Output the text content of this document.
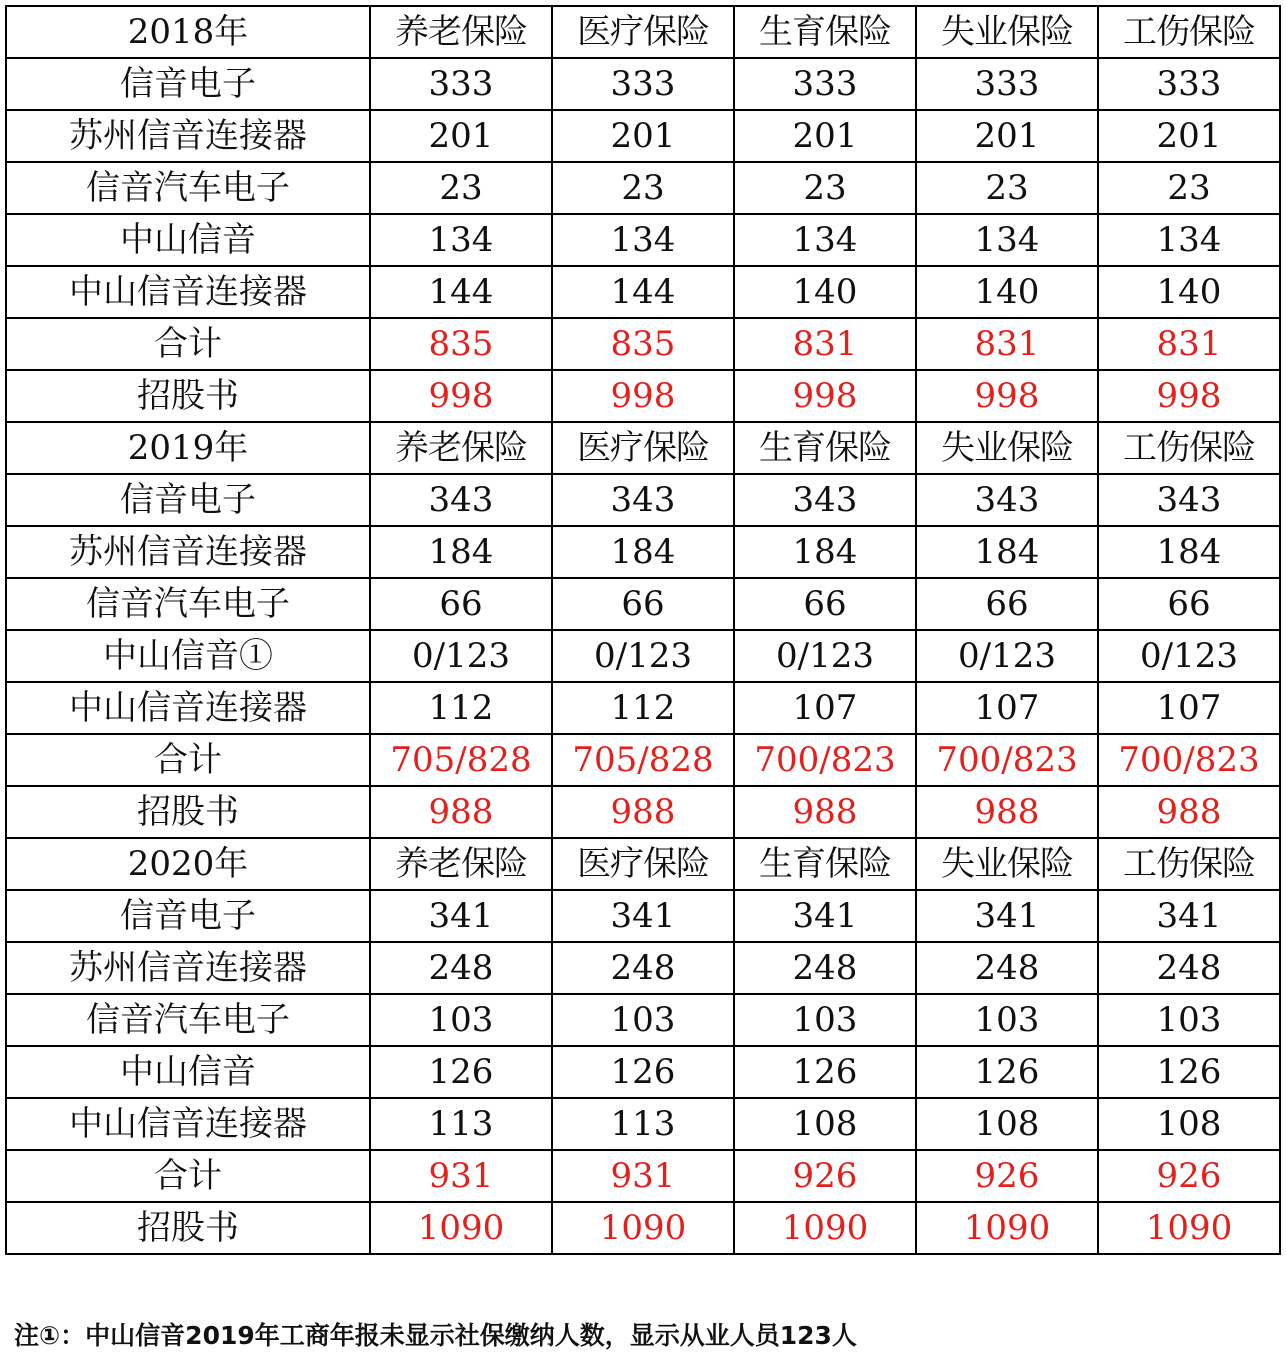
2018年	养老保险	医疗保险	生育保险	失业保险	工伤保险
信音电子	333	333	333	333	333
苏州信音连接器	201	201	201	201	201
信音汽车电子	23	23	23	23	23
中山信音	134	134	134	134	134
中山信音连接器	144	144	140	140	140
合计	835	835	831	831	831
招股书	998	998	998	998	998
2019年	养老保险	医疗保险	生育保险	失业保险	工伤保险
信音电子	343	343	343	343	343
苏州信音连接器	184	184	184	184	184
信音汽车电子	66	66	66	66	66
中山信音①	0/123	0/123	0/123	0/123	0/123
中山信音连接器	112	112	107	107	107
合计	705/828	705/828	700/823	700/823	700/823
招股书	988	988	988	988	988
2020年	养老保险	医疗保险	生育保险	失业保险	工伤保险
信音电子	341	341	341	341	341
苏州信音连接器	248	248	248	248	248
信音汽车电子	103	103	103	103	103
中山信音	126	126	126	126	126
中山信音连接器	113	113	108	108	108
合计	931	931	926	926	926
招股书	1090	1090	1090	1090	1090
注①：中山信音2019年工商年报未显示社保缴纳人数，显示从业人员123人
